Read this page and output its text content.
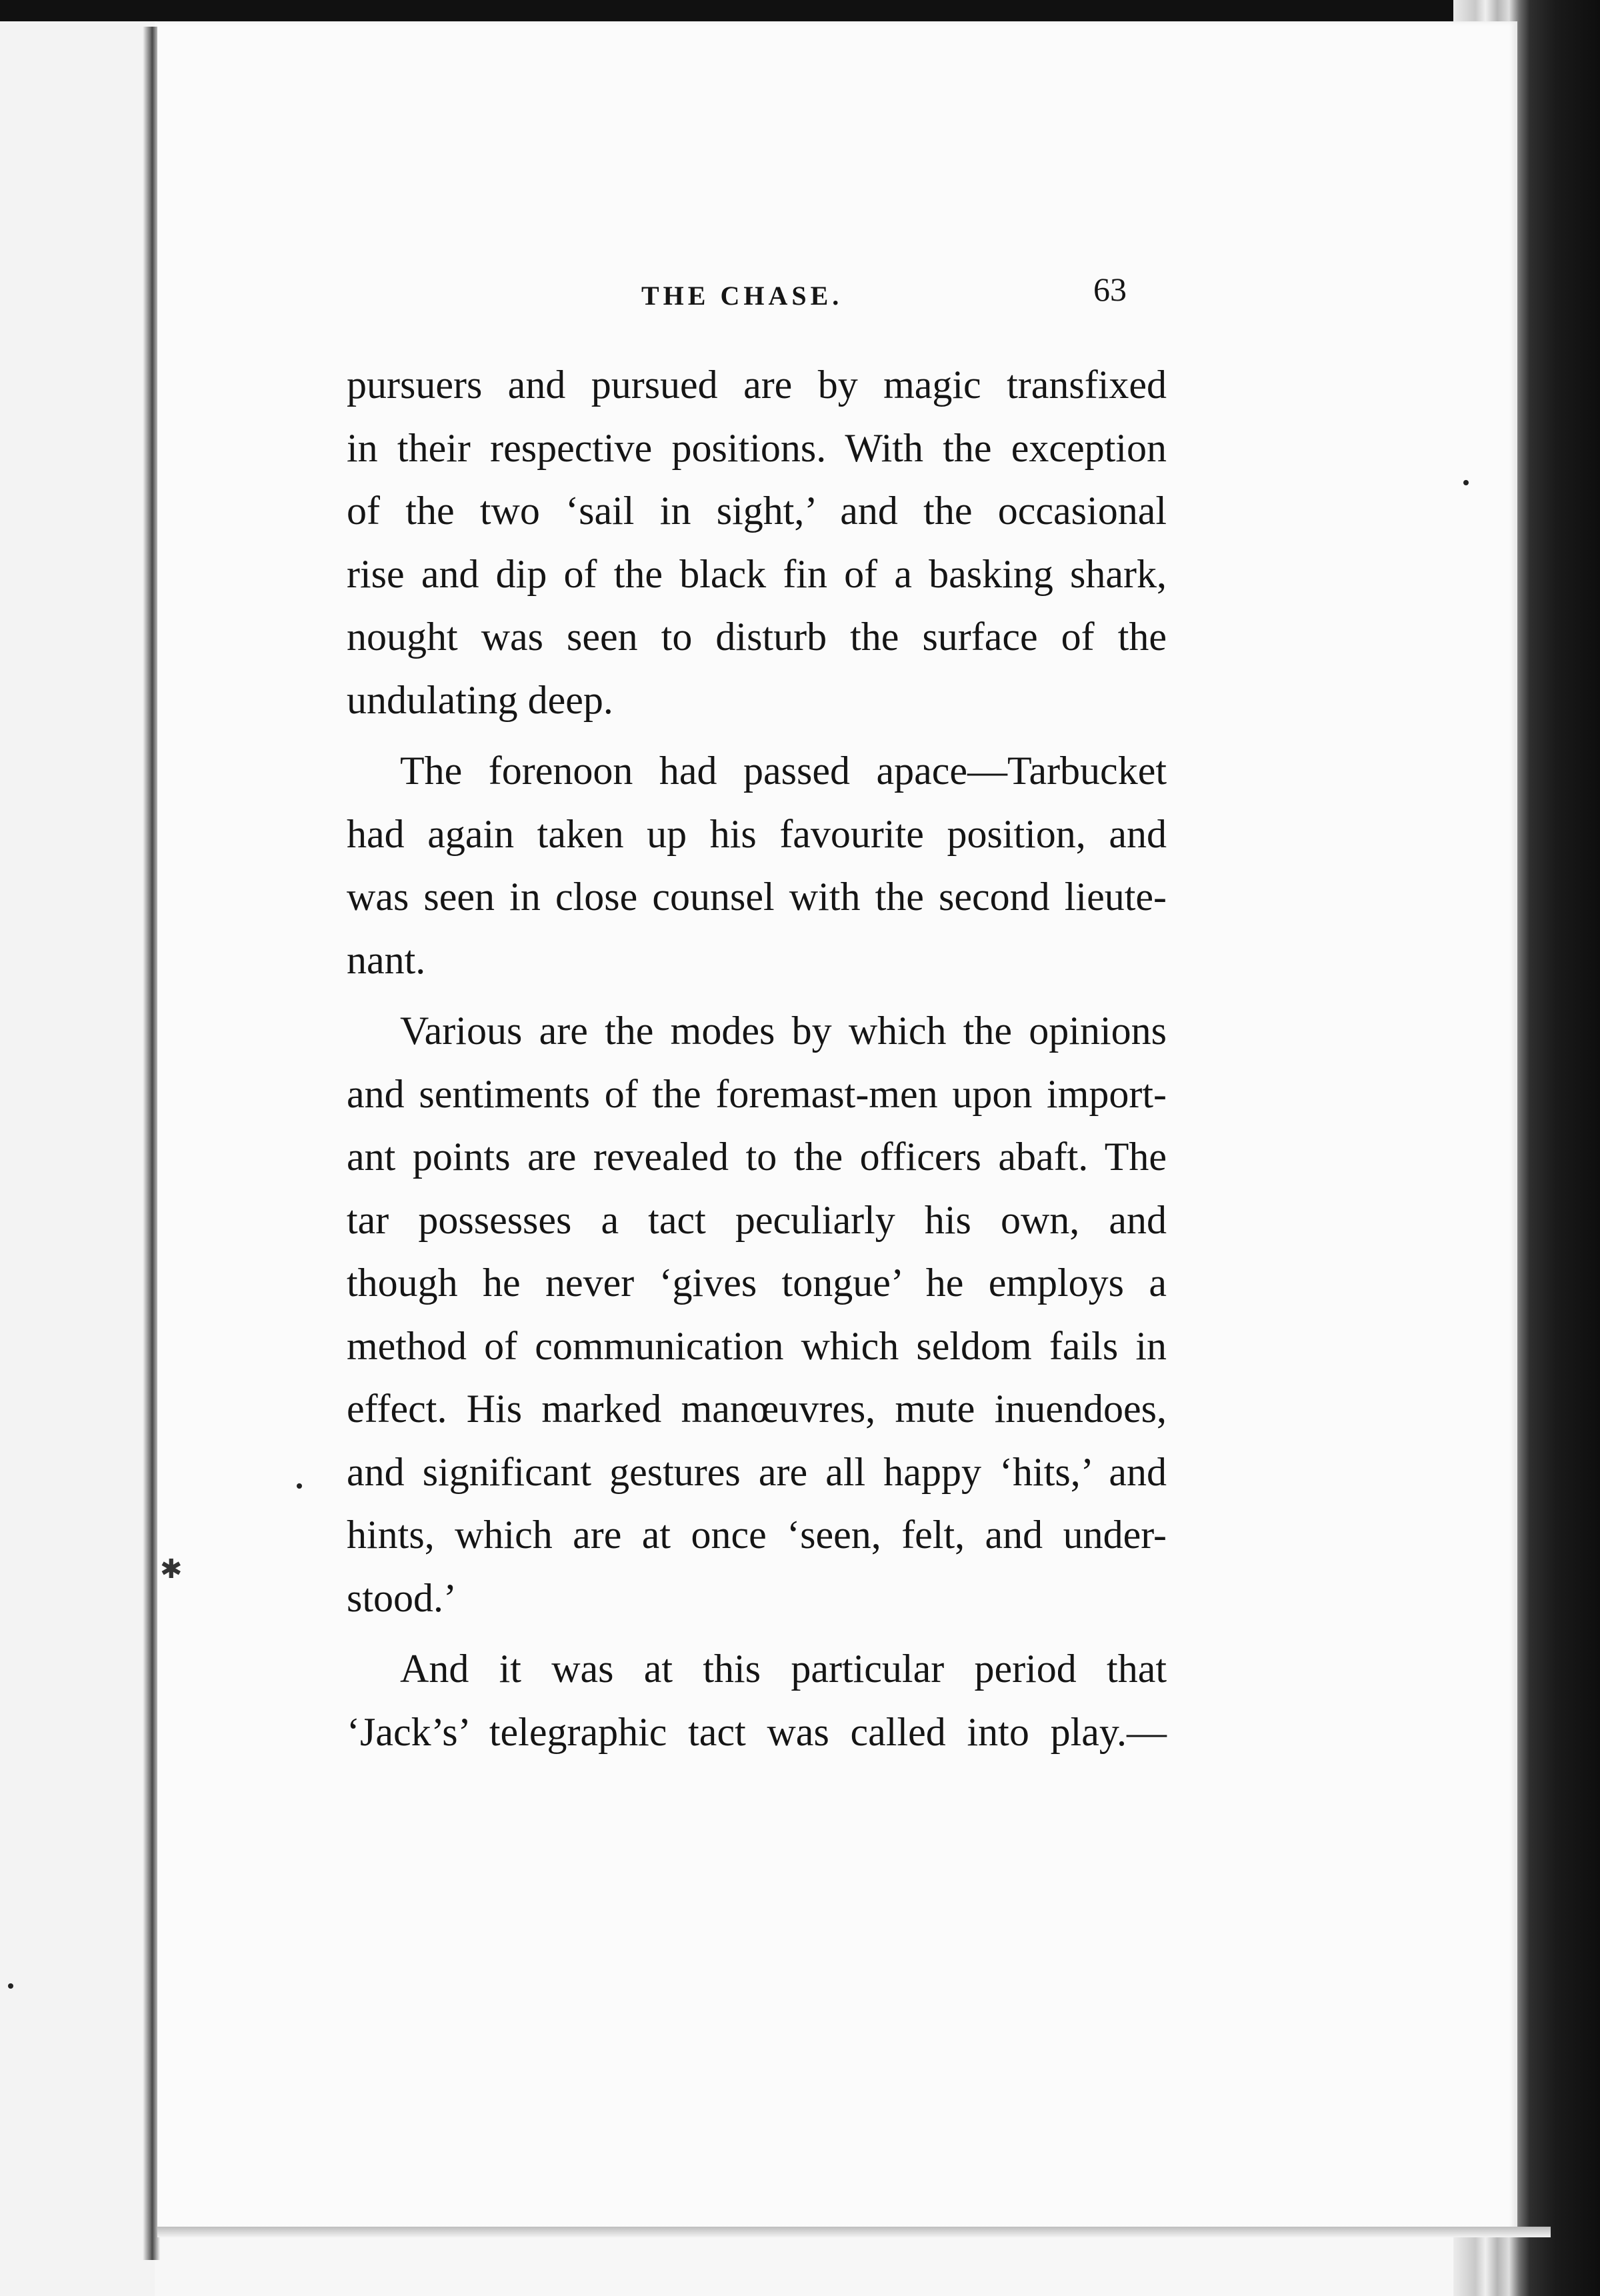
✱
THE CHASE.	63
pursuers and pursued are by magic transfixed
in their respective positions. With the exception
of the two ‘sail in sight,’ and the occasional
rise and dip of the black fin of a basking shark,
nought was seen to disturb the surface of the
undulating deep.
The forenoon had passed apace—Tarbucket
had again taken up his favourite position, and
was seen in close counsel with the second lieute-
nant.
Various are the modes by which the opinions
and sentiments of the foremast-men upon import-
ant points are revealed to the officers abaft. The
tar possesses a tact peculiarly his own, and
though he never ‘gives tongue’ he employs a
method of communication which seldom fails in
effect. His marked manœuvres, mute inuendoes,
and significant gestures are all happy ‘hits,’ and
hints, which are at once ‘seen, felt, and under-
stood.’
And it was at this particular period that
‘Jack’s’ telegraphic tact was called into play.—
